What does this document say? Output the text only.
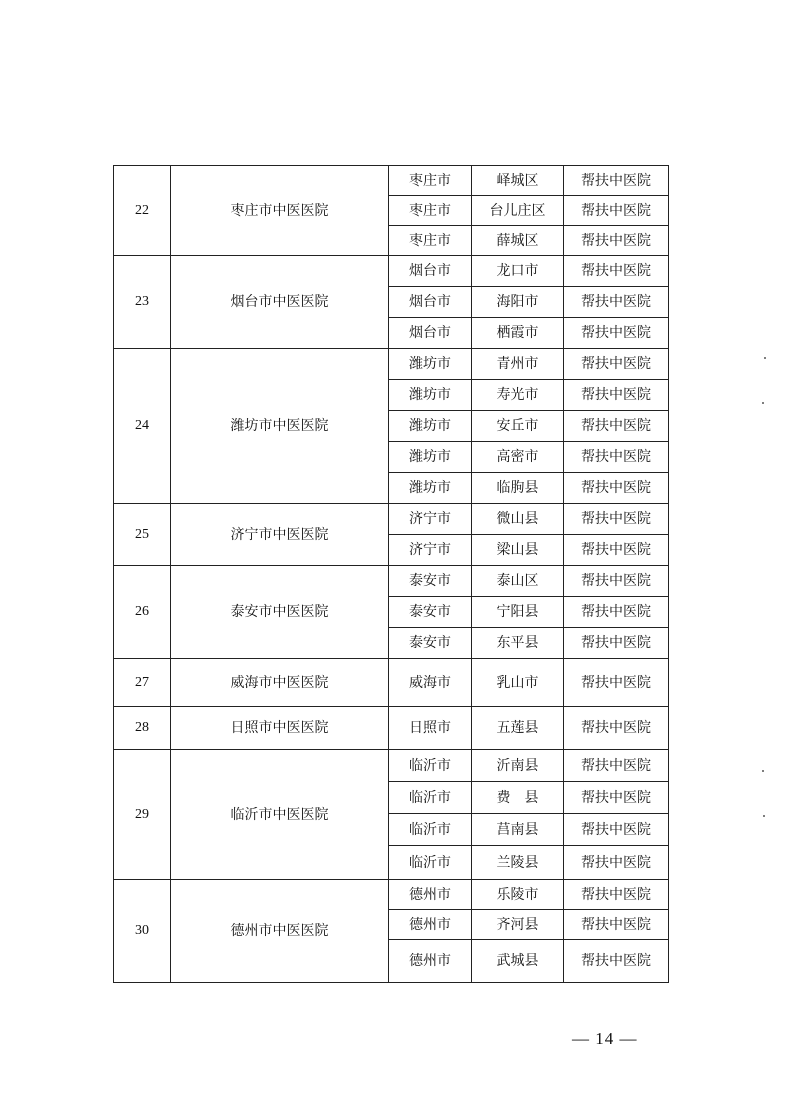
22	枣庄市中医医院	枣庄市	峄城区	帮扶中医院
		枣庄市	台儿庄区	帮扶中医院
		枣庄市	薛城区	帮扶中医院
23	烟台市中医医院	烟台市	龙口市	帮扶中医院
		烟台市	海阳市	帮扶中医院
		烟台市	栖霞市	帮扶中医院
24	潍坊市中医医院	潍坊市	青州市	帮扶中医院
		潍坊市	寿光市	帮扶中医院
		潍坊市	安丘市	帮扶中医院
		潍坊市	高密市	帮扶中医院
		潍坊市	临朐县	帮扶中医院
25	济宁市中医医院	济宁市	微山县	帮扶中医院
		济宁市	梁山县	帮扶中医院
26	泰安市中医医院	泰安市	泰山区	帮扶中医院
		泰安市	宁阳县	帮扶中医院
		泰安市	东平县	帮扶中医院
27	威海市中医医院	威海市	乳山市	帮扶中医院
28	日照市中医医院	日照市	五莲县	帮扶中医院
29	临沂市中医医院	临沂市	沂南县	帮扶中医院
		临沂市	费　县	帮扶中医院
		临沂市	莒南县	帮扶中医院
		临沂市	兰陵县	帮扶中医院
30	德州市中医医院	德州市	乐陵市	帮扶中医院
		德州市	齐河县	帮扶中医院
		德州市	武城县	帮扶中医院
— 14 —
